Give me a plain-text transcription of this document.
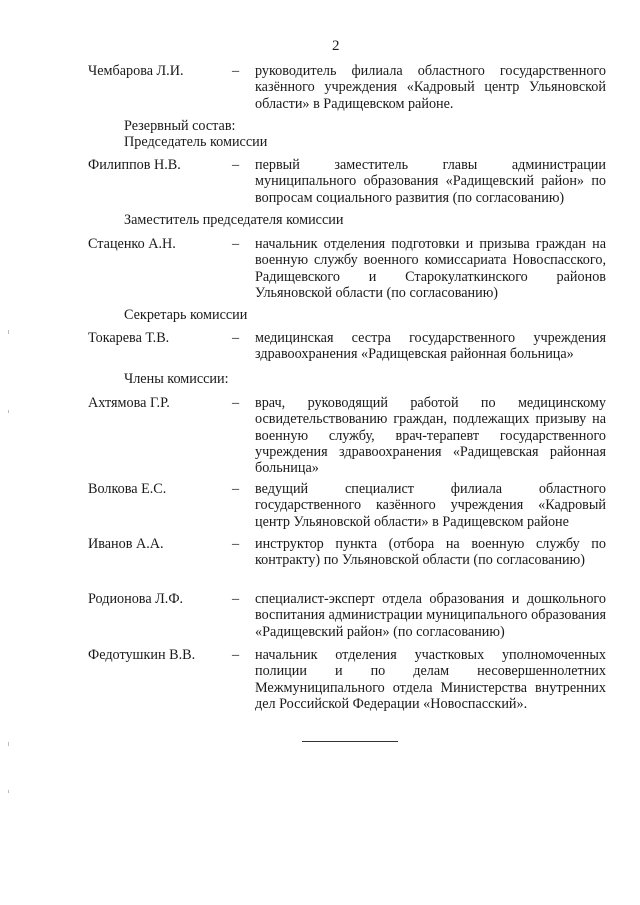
2
Чембарова Л.И.	– руководитель филиала областного государственного казённого учреждения «Кадровый центр Ульяновской области» в Радищевском районе.
Резервный состав:
Председатель комиссии
Филиппов Н.В.	– первый заместитель главы администрации муниципального образования «Радищевский район» по вопросам социального развития (по согласованию)
Заместитель председателя комиссии
Стаценко А.Н.	– начальник отделения подготовки и призыва граждан на военную службу военного комиссариата Новоспасского, Радищевского и Старокулаткинского районов Ульяновской области (по согласованию)
Секретарь комиссии
Токарева Т.В.	– медицинская сестра государственного учреждения здравоохранения «Радищевская районная больница»
Члены комиссии:
Ахтямова Г.Р.	– врач, руководящий работой по медицинскому освидетельствованию граждан, подлежащих призыву на военную службу, врач-терапевт государственного учреждения здравоохранения «Радищевская районная больница»
Волкова Е.С.	– ведущий специалист филиала областного государственного казённого учреждения «Кадровый центр Ульяновской области» в Радищевском районе
Иванов А.А.	– инструктор пункта (отбора на военную службу по контракту) по Ульяновской области (по согласованию)
Родионова Л.Ф.	– специалист-эксперт отдела образования и дошкольного воспитания администрации муниципального образования «Радищевский район» (по согласованию)
Федотушкин В.В.	– начальник отделения участковых уполномоченных полиции и по делам несовершеннолетних Межмуниципального отдела Министерства внутренних дел Российской Федерации «Новоспасский».
